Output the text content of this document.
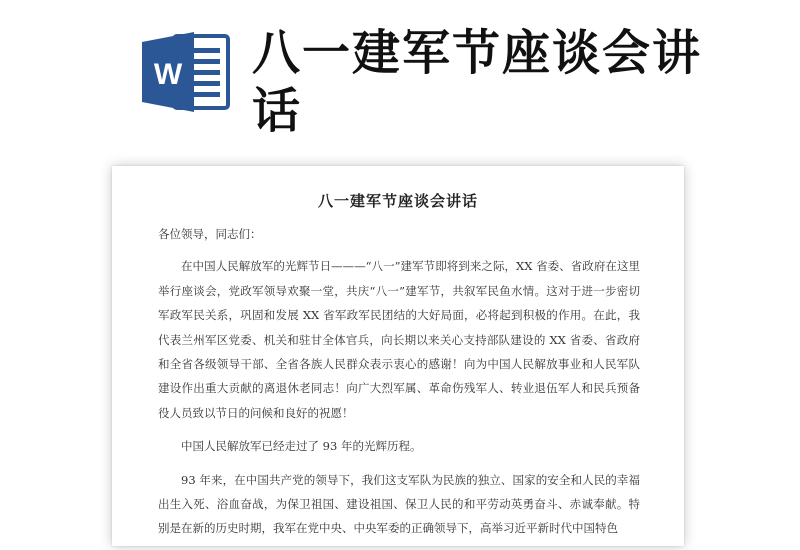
W 八一建军节座谈会讲话
八一建军节座谈会讲话

各位领导，同志们：

在中国人民解放军的光辉节日———“八一”建军节即将到来之际，XX 省委、省政府在这里举行座谈会，党政军领导欢聚一堂，共庆“八一”建军节，共叙军民鱼水情。这对于进一步密切军政军民关系，巩固和发展 XX 省军政军民团结的大好局面，必将起到积极的作用。在此，我代表兰州军区党委、机关和驻甘全体官兵，向长期以来关心支持部队建设的 XX 省委、省政府和全省各级领导干部、全省各族人民群众表示衷心的感谢！向为中国人民解放事业和人民军队建设作出重大贡献的离退休老同志！向广大烈军属、革命伤残军人、转业退伍军人和民兵预备役人员致以节日的问候和良好的祝愿！

中国人民解放军已经走过了 93 年的光辉历程。

93 年来，在中国共产党的领导下，我们这支军队为民族的独立、国家的安全和人民的幸福出生入死、浴血奋战，为保卫祖国、建设祖国、保卫人民的和平劳动英勇奋斗、赤诚奉献。特别是在新的历史时期，我军在党中央、中央军委的正确领导下，高举习近平新时代中国特色
